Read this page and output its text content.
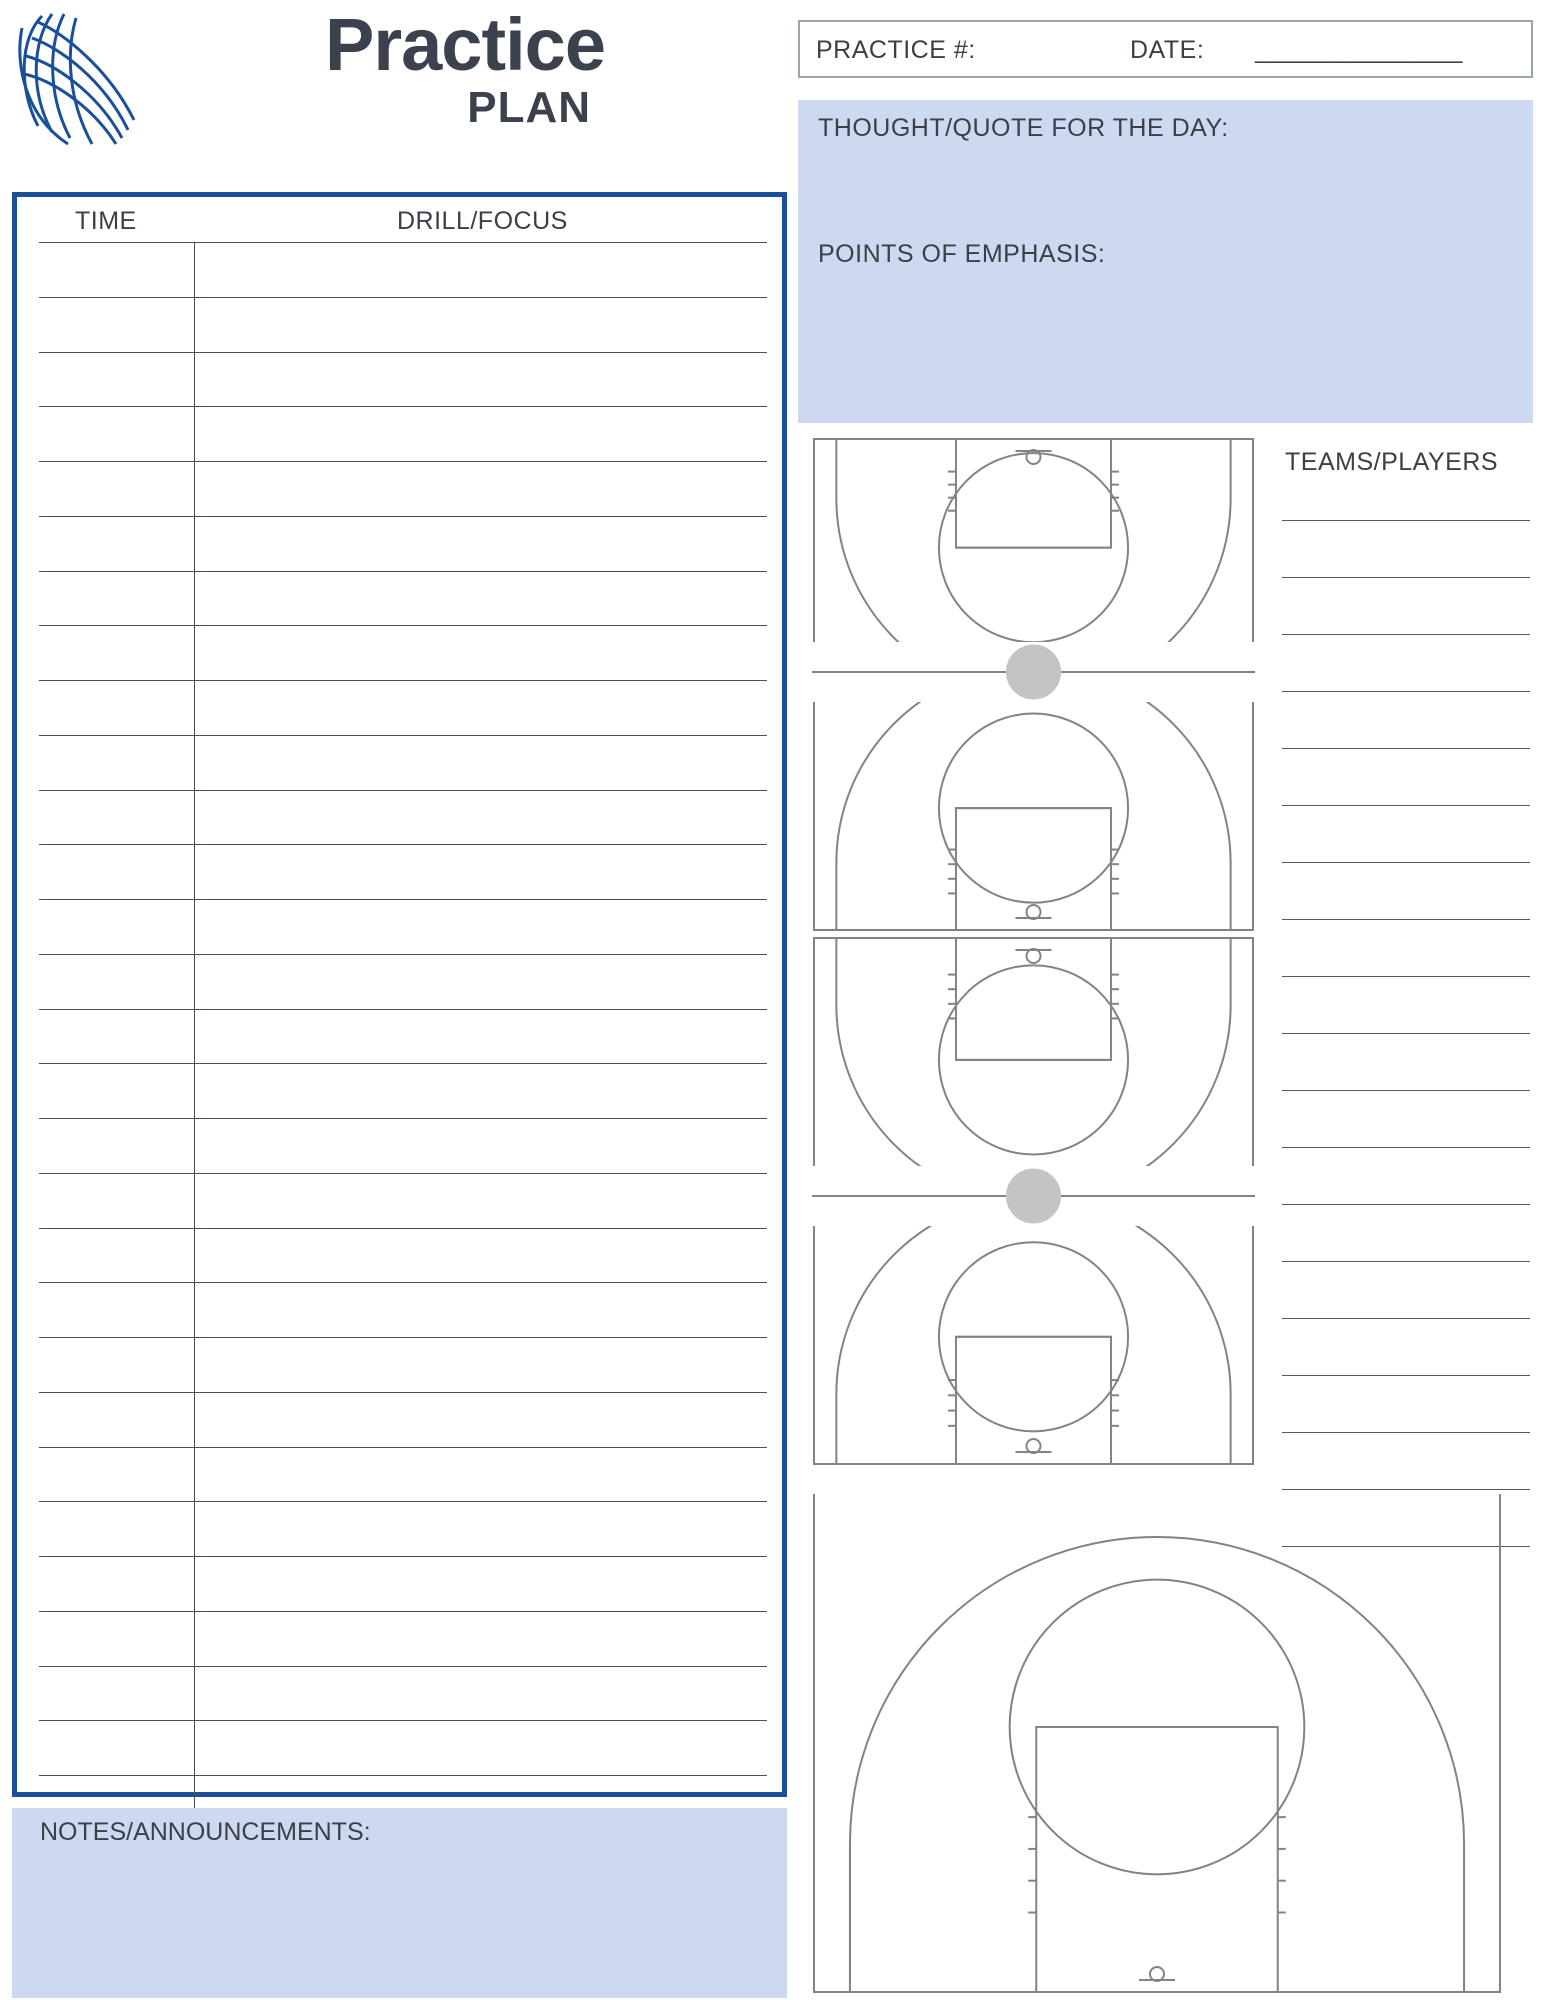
Practice
PLAN
TIME	DRILL/FOCUS
NOTES/ANNOUNCEMENTS:
PRACTICE #:	DATE: ________________
THOUGHT/QUOTE FOR THE DAY:
POINTS OF EMPHASIS:
TEAMS/PLAYERS
